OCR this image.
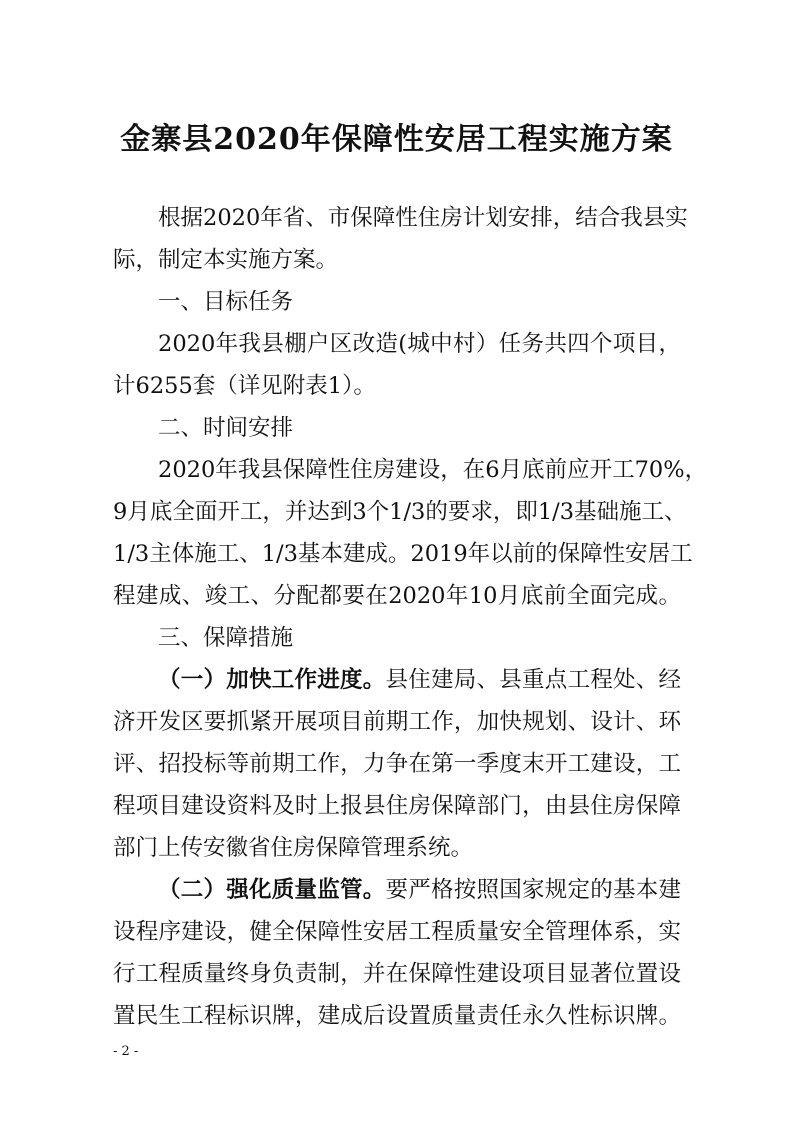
金寨县2020年保障性安居工程实施方案
根据2020年省、市保障性住房计划安排，结合我县实
际，制定本实施方案。
一、目标任务
2020年我县棚户区改造(城中村）任务共四个项目，
计6255套（详见附表1）。
二、时间安排
2020年我县保障性住房建设，在6月底前应开工70%，
9月底全面开工，并达到3个1/3的要求，即1/3基础施工、
1/3主体施工、1/3基本建成。2019年以前的保障性安居工
程建成、竣工、分配都要在2020年10月底前全面完成。
三、保障措施
（一）加快工作进度。县住建局、县重点工程处、经
济开发区要抓紧开展项目前期工作，加快规划、设计、环
评、招投标等前期工作，力争在第一季度末开工建设，工
程项目建设资料及时上报县住房保障部门，由县住房保障
部门上传安徽省住房保障管理系统。
（二）强化质量监管。要严格按照国家规定的基本建
设程序建设，健全保障性安居工程质量安全管理体系，实
行工程质量终身负责制，并在保障性建设项目显著位置设
置民生工程标识牌，建成后设置质量责任永久性标识牌。
- 2 -
